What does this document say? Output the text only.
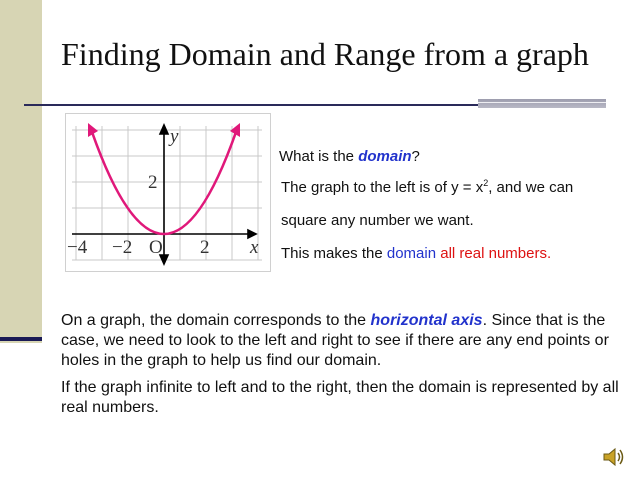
Finding Domain and Range from a graph
y
x
2
−4 −2 O 2

What is the domain?

The graph to the left is of $y = x^2$, and we can

square any number we want.

This makes the domain all real numbers.

On a graph, the domain corresponds to the horizontal axis. Since that is the case, we need to look to the left and right to see if there are any end points or holes in the graph to help us find our domain.

If the graph infinite to left and to the right, then the domain is represented by all real numbers.
